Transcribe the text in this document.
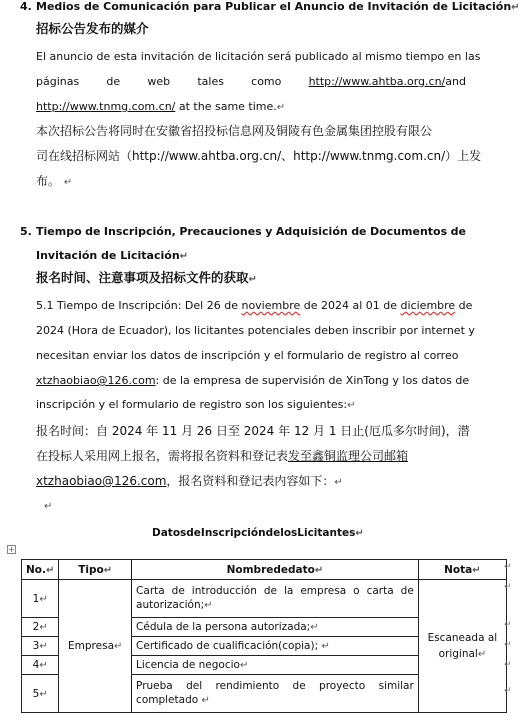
4. Medios de Comunicación para Publicar el Anuncio de Invitación de Licitación↵
招标公告发布的媒介
El anuncio de esta invitación de licitación será publicado al mismo tiempo en las
páginas de web tales como http://www.ahtba.org.cn/and
http://www.tnmg.com.cn/ at the same time.↵
本次招标公告将同时在安徽省招投标信息网及铜陵有色金属集团控股有限公
司在线招标网站（http://www.ahtba.org.cn/、http://www.tnmg.com.cn/）上发
布。 ↵
5. Tiempo de Inscripción, Precauciones y Adquisición de Documentos de
Invitación de Licitación↵
报名时间、注意事项及招标文件的获取↵
5.1 Tiempo de Inscripción: Del 26 de noviembre de 2024 al 01 de diciembre de
2024 (Hora de Ecuador), los licitantes potenciales deben inscribir por internet y
necesitan enviar los datos de inscripción y el formulario de registro al correo
xtzhaobiao@126.com: de la empresa de supervisión de XinTong y los datos de
inscripción y el formulario de registro son los siguientes:↵
报名时间：自 2024 年 11 月 26 日至 2024 年 12 月 1 日止(厄瓜多尔时间)，潜
在投标人采用网上报名，需将报名资料和登记表发至鑫铜监理公司邮箱
xtzhaobiao@126.com，报名资料和登记表内容如下：↵
↵
DatosdeInscripcióndelosLicitantes↵
+
No.↵	Tipo↵	Nombrededato↵	Nota↵
1↵	Empresa↵	Carta de introducción de la empresa o carta de autorización;↵	Escaneada al original↵
2↵		Cédula de la persona autorizada;↵	
3↵		Certificado de cualificación(copia); ↵	
4↵		Licencia de negocio↵	
5↵		Prueba del rendimiento de proyecto similar completado ↵	
↵
↵
↵
↵
↵
↵
